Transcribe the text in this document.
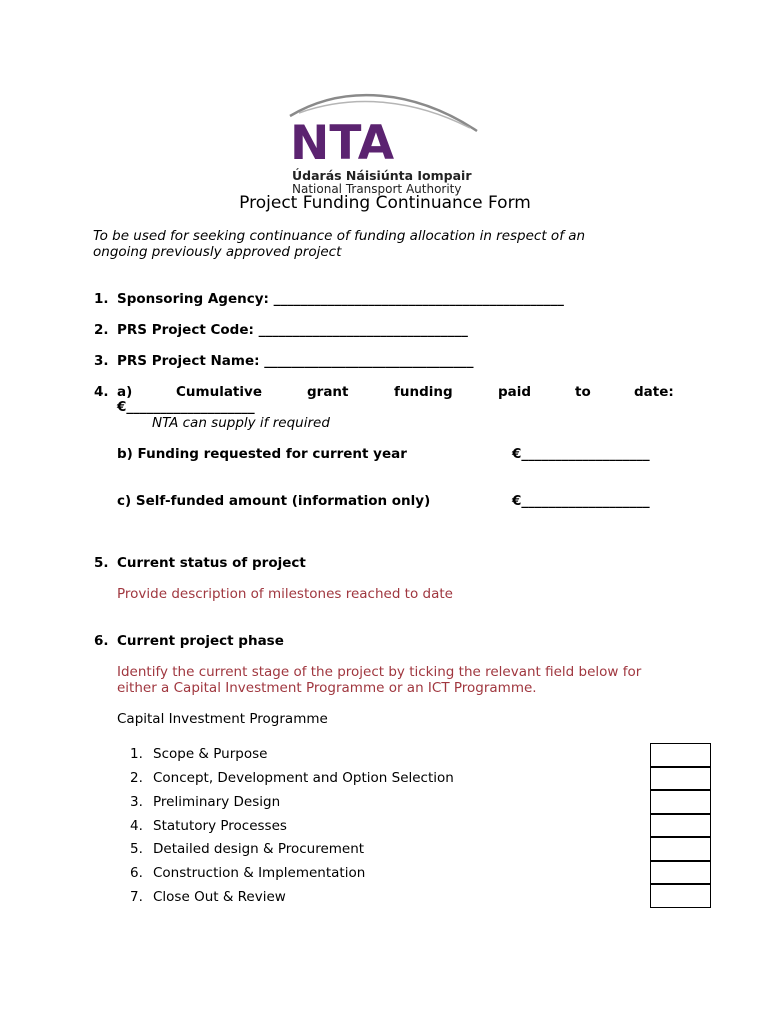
NTA
Údarás Náisiúnta Iompair
National Transport Authority
Project Funding Continuance Form
To be used for seeking continuance of funding allocation in respect of an
ongoing previously approved project
1. Sponsoring Agency: ___________________________________________
2. PRS Project Code: _______________________________
3. PRS Project Name: _______________________________
4. a)	Cumulative	grant	funding	paid	to	date:
€___________________
NTA can supply if required
b) Funding requested for current year	€___________________
c) Self-funded amount (information only)	€___________________
5. Current status of project
Provide description of milestones reached to date
6. Current project phase
Identify the current stage of the project by ticking the relevant field below for
either a Capital Investment Programme or an ICT Programme.
Capital Investment Programme
1. Scope & Purpose
2. Concept, Development and Option Selection
3. Preliminary Design
4. Statutory Processes
5. Detailed design & Procurement
6. Construction & Implementation
7. Close Out & Review
